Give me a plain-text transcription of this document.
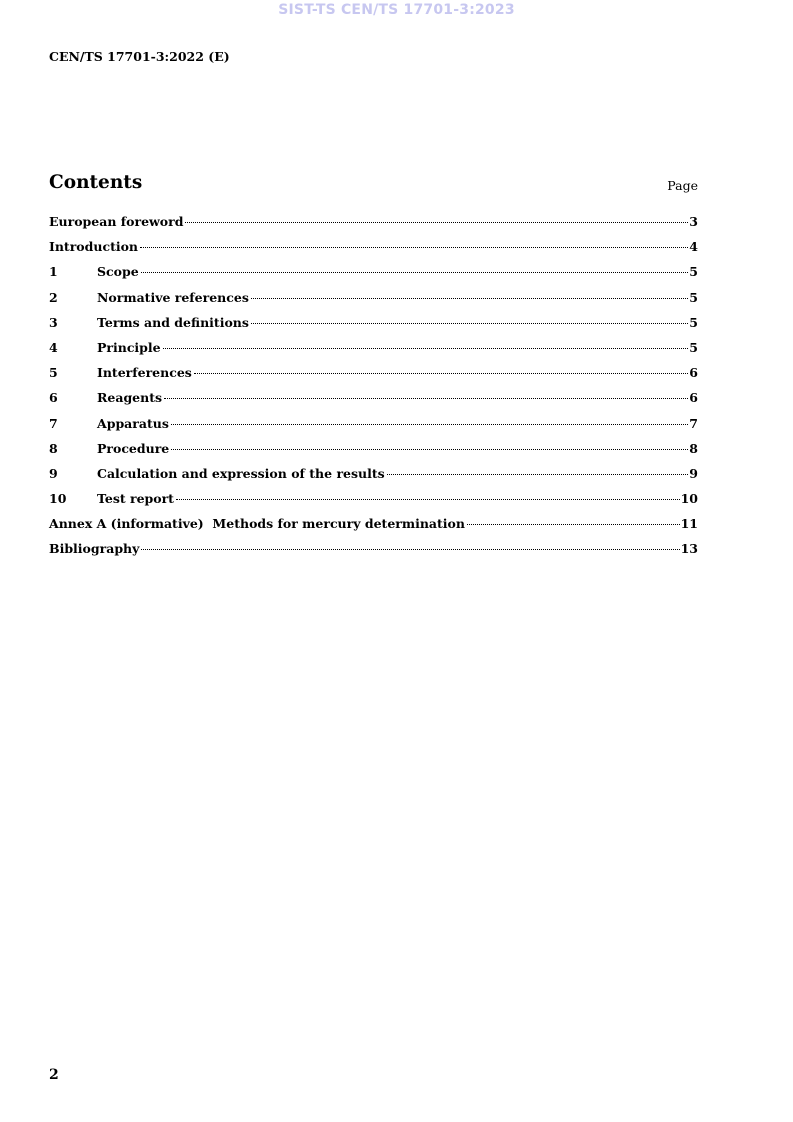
SIST-TS CEN/TS 17701-3:2023
CEN/TS 17701-3:2022 (E)
Contents	Page
European foreword	3
Introduction	4
1	Scope	5
2	Normative references	5
3	Terms and definitions	5
4	Principle	5
5	Interferences	6
6	Reagents	6
7	Apparatus	7
8	Procedure	8
9	Calculation and expression of the results	9
10	Test report	10
Annex A (informative)  Methods for mercury determination	11
Bibliography	13
2
